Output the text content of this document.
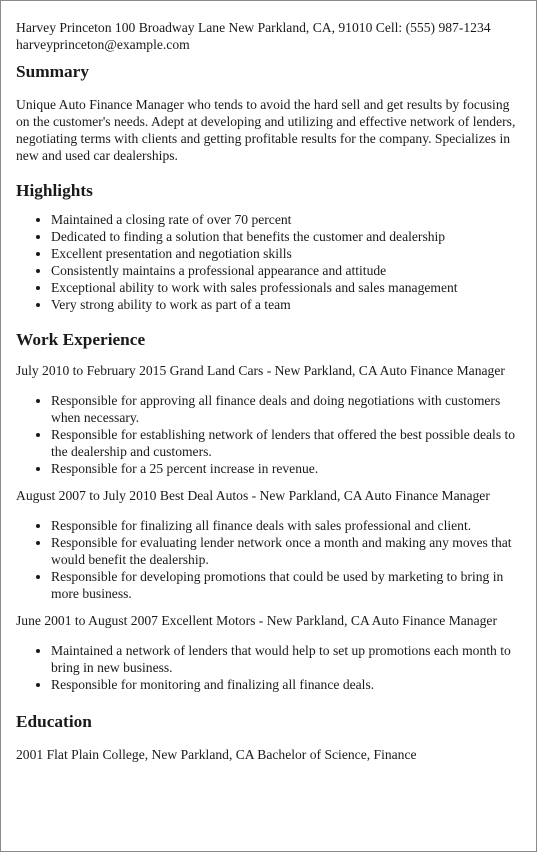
Harvey Princeton 100 Broadway Lane New Parkland, CA, 91010 Cell: (555) 987-1234
harveyprinceton@example.com
Summary

Unique Auto Finance Manager who tends to avoid the hard sell and get results by focusing on the customer's needs. Adept at developing and utilizing and effective network of lenders, negotiating terms with clients and getting profitable results for the company. Specializes in new and used car dealerships.

Highlights
• Maintained a closing rate of over 70 percent
• Dedicated to finding a solution that benefits the customer and dealership
• Excellent presentation and negotiation skills
• Consistently maintains a professional appearance and attitude
• Exceptional ability to work with sales professionals and sales management
• Very strong ability to work as part of a team
Work Experience

July 2010 to February 2015 Grand Land Cars - New Parkland, CA Auto Finance Manager

• Responsible for approving all finance deals and doing negotiations with customers when necessary.
• Responsible for establishing network of lenders that offered the best possible deals to the dealership and customers.
• Responsible for a 25 percent increase in revenue.

August 2007 to July 2010 Best Deal Autos - New Parkland, CA Auto Finance Manager

• Responsible for finalizing all finance deals with sales professional and client.
• Responsible for evaluating lender network once a month and making any moves that would benefit the dealership.
• Responsible for developing promotions that could be used by marketing to bring in more business.

June 2001 to August 2007 Excellent Motors - New Parkland, CA Auto Finance Manager

• Maintained a network of lenders that would help to set up promotions each month to bring in new business.
• Responsible for monitoring and finalizing all finance deals.
Education

2001 Flat Plain College, New Parkland, CA Bachelor of Science, Finance
